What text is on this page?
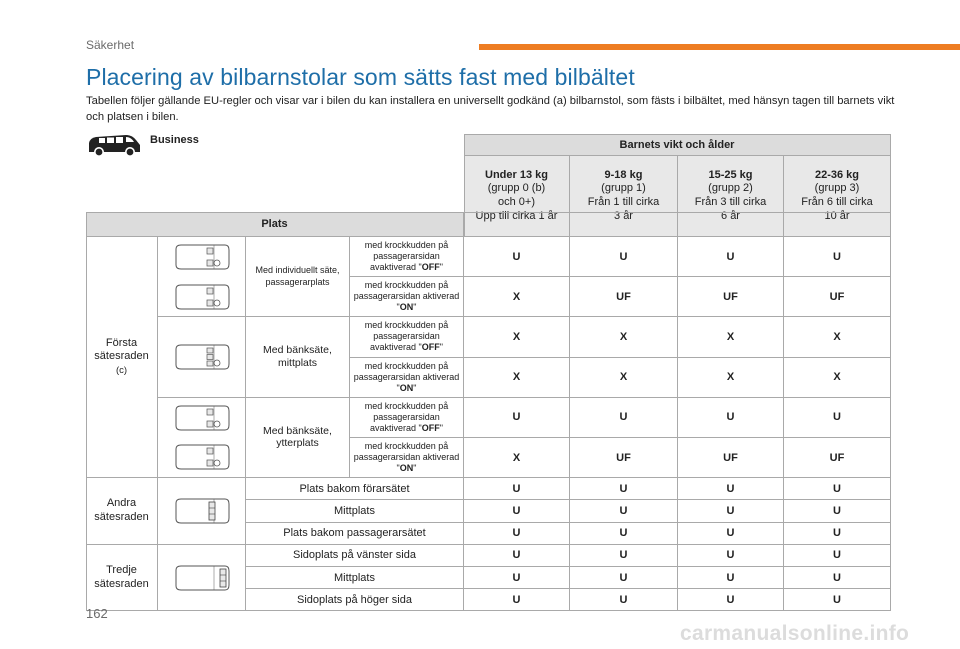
Säkerhet
Placering av bilbarnstolar som sätts fast med bilbältet

Tabellen följer gällande EU-regler och visar var i bilen du kan installera en universellt godkänd (a) bilbarnstol, som fästs i bilbältet, med hänsyn tagen till barnets vikt och platsen i bilen.

Business	Barnets vikt och ålder
Under 13 kg
(grupp 0 (b)
och 0+)
Upp till cirka 1 år
9-18 kg
(grupp 1)
Från 1 till cirka
3 år
15-25 kg
(grupp 2)
Från 3 till cirka
6 år
22-36 kg
(grupp 3)
Från 6 till cirka
10 år
Plats
Första sätesraden
(c)
Med individuellt säte, passagerarplats
med krockkudden på passagerarsidan avaktiverad "OFF"
U	U	U	U
med krockkudden på passagerarsidan aktiverad "ON"
X	UF	UF	UF
Med bänksäte, mittplats
med krockkudden på passagerarsidan avaktiverad "OFF"
X	X	X	X
med krockkudden på passagerarsidan aktiverad "ON"
X	X	X	X
Med bänksäte, ytterplats
med krockkudden på passagerarsidan avaktiverad "OFF"
U	U	U	U
med krockkudden på passagerarsidan aktiverad "ON"
X	UF	UF	UF
Andra sätesraden
Plats bakom förarsätet	U	U	U	U
Mittplats	U	U	U	U
Plats bakom passagerarsätet	U	U	U	U
Tredje sätesraden
Sidoplats på vänster sida	U	U	U	U
Mittplats	U	U	U	U
Sidoplats på höger sida	U	U	U	U
162
carmanualsonline.info
